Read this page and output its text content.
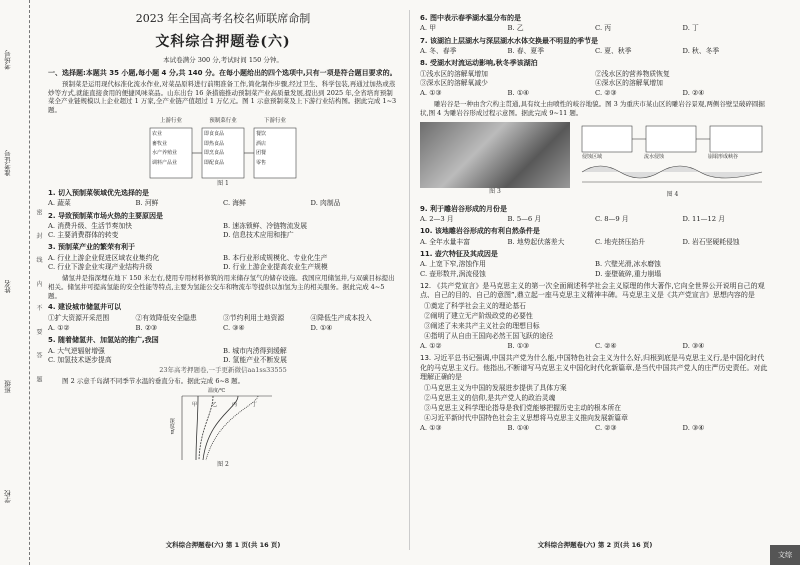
考场号
准考证号
姓名
班级
学校
密 封 线 内 不 要 答 题
2023 年全国高考名校名师联席命制
文科综合押题卷(六)
本试卷满分 300 分,考试时间 150 分钟。
一、选择题:本题共 35 小题,每小题 4 分,共 140 分。在每小题给出的四个选项中,只有一项是符合题目要求的。
预制菜是运用现代标准化流水作业,对菜品原料进行前期准备工作,简化制作步骤,经过卫生、科学包装,再通过加热或蒸炒等方式,就能直接食用的便捷风味菜品。山东出台 16 条措施推动预制菜产业高质量发展,提出到 2025 年,全省培育预制菜全产业链规模以上企业超过 1 万家,全产业链产值超过 1 万亿元。图 1 示意预制菜及上下游行业结构图。据此完成 1~3 题。
上游行业	预制菜行业	下游行业
农业
畜牧业
水产养殖业
调料产品业
即食食品
即热食品
即烹食品
即配食品
餐饮
酒店
团餐
零售
图 1
1. 切入预制菜领域优先选择的是
A. 蔬菜	B. 河鲜	C. 海鲜	D. 肉制品
2. 导致预制菜市场火热的主要原因是
A. 消费升级、生活节奏加快	B. 速冻锁鲜、冷链物流发展
C. 主要消费群体的转变	D. 信息技术应用和推广
3. 预制菜产业的繁荣有利于
A. 行业上游企业促进区域农业集约化	B. 本行业形成规模化、专业化生产
C. 行业下游企业实现产业结构升级	D. 行业上游企业提高农业生产规模
储氢井是指深埋在地下 150 米左右,使用专用材料修筑的用来储存氢气的储存设施。我国应用储氢井,与双碳目标提出相关。储氢井可提高氢能的安全性能等特点,主要为氢能公交车和物流车等提供以加氢为主的相关服务。据此完成 4~5 题。
4. 建设城市储氢井可以
①扩大资源开采范围	②有效降低安全隐患	③节约利用土地资源	④降低生产成本投入
A. ①②	B. ②③	C. ③④	D. ①④
5. 随着储氢井、加氢站的推广,我国
A. 大气逆辐射增强	B. 城市内涝得到缓解
C. 加氢技术逐步提高	D. 氢能产业不断发展
23年高考押题卷,一手更新微信aa1ss33555
图 2 示意千岛湖不同季节水温的垂直分布。据此完成 6~8 题。
温度/℃
深度/m
甲	乙	丙	丁
图 2
文科综合押题卷(六) 第 1 页(共 16 页)
6. 图中表示春季湖水温分布的是
A. 甲	B. 乙	C. 丙	D. 丁
7. 该湖泊上层湖水与深层湖水水体交换最不明显的季节是
A. 冬、春季	B. 春、夏季	C. 夏、秋季	D. 秋、冬季
8. 受湖水对流运动影响,秋冬季该湖泊
①浅水区的溶解氧增加	②浅水区的营养物质恢复
③深水区的溶解氧减少	④深水区的溶解氧增加
A. ①③	B. ①④	C. ②③	D. ②④
雕岩谷是一种由含穴构主贯通,具有纹土由喷性的岐谷地貌。图 3 为重庆市某山区的雕岩谷景观,两侧谷壁呈破碎圆掘状,图 4 为雕岩谷形成过程示意图。据此完成 9~11 题。
图 3
侵蚀区域	流水侵蚀	崩塌形成峡谷
图 4
9. 利于雕岩谷形成的月份是
A. 2—3 月	B. 5—6 月	C. 8—9 月	D. 11—12 月
10. 该地雕岩谷形成的有利自然条件是
A. 全年水量丰富	B. 地势起伏落差大	C. 地壳挤压抬升	D. 岩石坚硬耗侵蚀
11. 壶穴特征及其成因是
A. 上宽下窄,溶蚀作用	B. 穴壁光滑,冰水磨蚀
C. 壶形数井,涡流侵蚀	D. 壶壁破碎,重力崩塌
12. 《共产党宣言》是马克思主义的第一次全面阐述科学社会主义原理的伟大著作,它向全世界公开说明自己的观点、自己的目的、自己的意图”,鼎立起一座马克思主义精神丰碑。马克思主义是《共产党宣言》思想内容的是
①奠定了科学社会主义的理论基石
②阐明了建立无产阶级政党的必要性
③阐述了未来共产主义社会的理想目标
④指明了从自由王国向必然王国飞跃的途径
A. ①②	B. ①③	C. ②④	D. ③④
13. 习近平总书记强调,中国共产党为什么能,中国特色社会主义为什么好,归根到底是马克思主义行,是中国化时代化的马克思主义行。他指出,不断谱写马克思主义中国化时代化新篇章,是当代中国共产党人的庄严历史责任。对此理解正确的是
①马克思主义为中国的发展进步提供了具体方案
②马克思主义的信仰,是共产党人的政治灵魂
③马克思主义科学理论指导是我们党能够把握历史主动的根本所在
④习近平新时代中国特色社会主义思想将马克思主义推向发展新篇章
A. ①③	B. ①④	C. ②③	D. ③④
文科综合押题卷(六) 第 2 页(共 16 页)
文综
